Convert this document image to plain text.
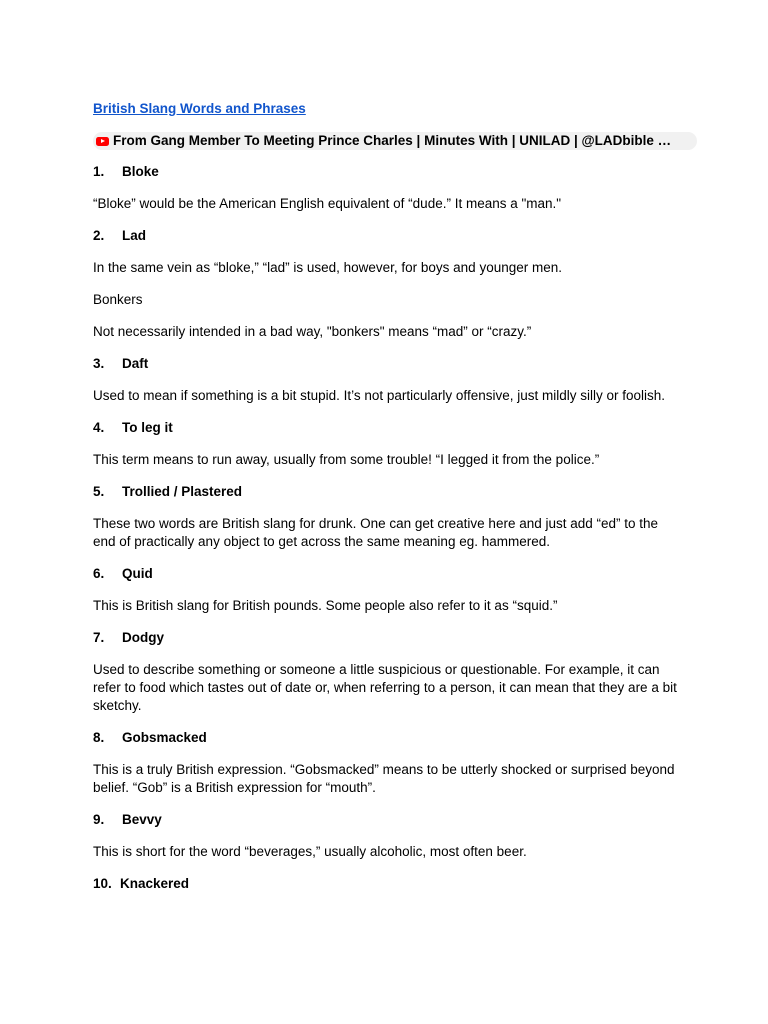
British Slang Words and Phrases
From Gang Member To Meeting Prince Charles | Minutes With | UNILAD | @LADbible …
1.	Bloke
“Bloke” would be the American English equivalent of “dude.” It means a "man."
2.	Lad
In the same vein as “bloke,” “lad” is used, however, for boys and younger men.
Bonkers
Not necessarily intended in a bad way, "bonkers" means “mad” or “crazy.”
3.	Daft
Used to mean if something is a bit stupid. It’s not particularly offensive, just mildly silly or foolish.
4.	To leg it
This term means to run away, usually from some trouble! “I legged it from the police.”
5.	Trollied / Plastered
These two words are British slang for drunk. One can get creative here and just add “ed” to the end of practically any object to get across the same meaning eg. hammered.
6.	Quid
This is British slang for British pounds. Some people also refer to it as “squid.”
7.	Dodgy
Used to describe something or someone a little suspicious or questionable. For example, it can refer to food which tastes out of date or, when referring to a person, it can mean that they are a bit sketchy.
8.	Gobsmacked
This is a truly British expression. “Gobsmacked” means to be utterly shocked or surprised beyond belief. “Gob” is a British expression for “mouth”.
9.	Bevvy
This is short for the word “beverages,” usually alcoholic, most often beer.
10. Knackered
